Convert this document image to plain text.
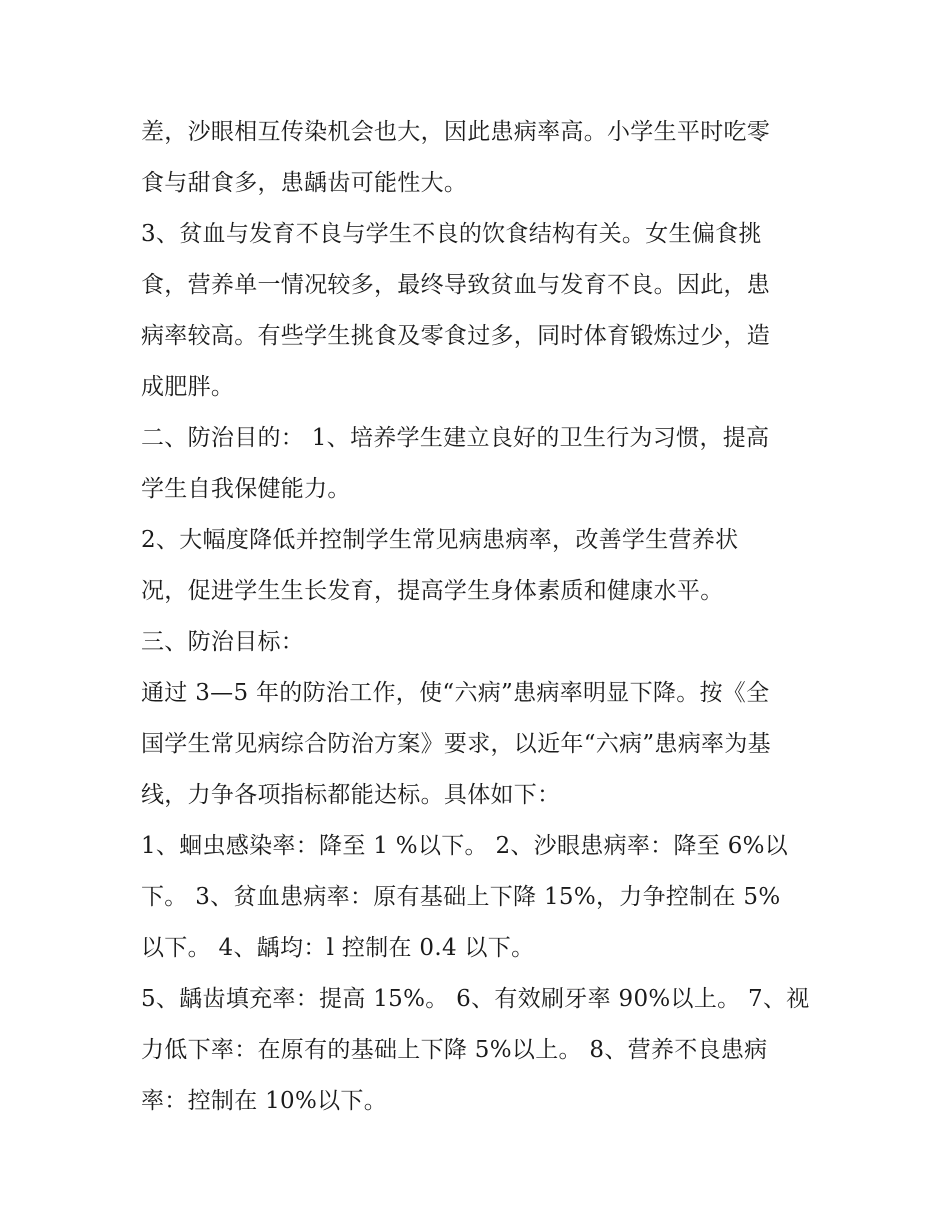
差，沙眼相互传染机会也大，因此患病率高。小学生平时吃零
食与甜食多，患龋齿可能性大。
3、贫血与发育不良与学生不良的饮食结构有关。女生偏食挑
食，营养单一情况较多，最终导致贫血与发育不良。因此，患
病率较高。有些学生挑食及零食过多，同时体育锻炼过少，造
成肥胖。
二、防治目的： 1、培养学生建立良好的卫生行为习惯，提高
学生自我保健能力。
2、大幅度降低并控制学生常见病患病率，改善学生营养状
况，促进学生生长发育，提高学生身体素质和健康水平。
三、防治目标：
通过 3—5 年的防治工作，使“六病”患病率明显下降。按《全
国学生常见病综合防治方案》要求，以近年“六病”患病率为基
线，力争各项指标都能达标。具体如下：
1、蛔虫感染率：降至 1 %以下。 2、沙眼患病率：降至 6%以
下。 3、贫血患病率：原有基础上下降 15%，力争控制在 5%
以下。 4、龋均：l 控制在 0.4 以下。
5、龋齿填充率：提高 15%。 6、有效刷牙率 90%以上。 7、视
力低下率：在原有的基础上下降 5%以上。 8、营养不良患病
率：控制在 10%以下。
